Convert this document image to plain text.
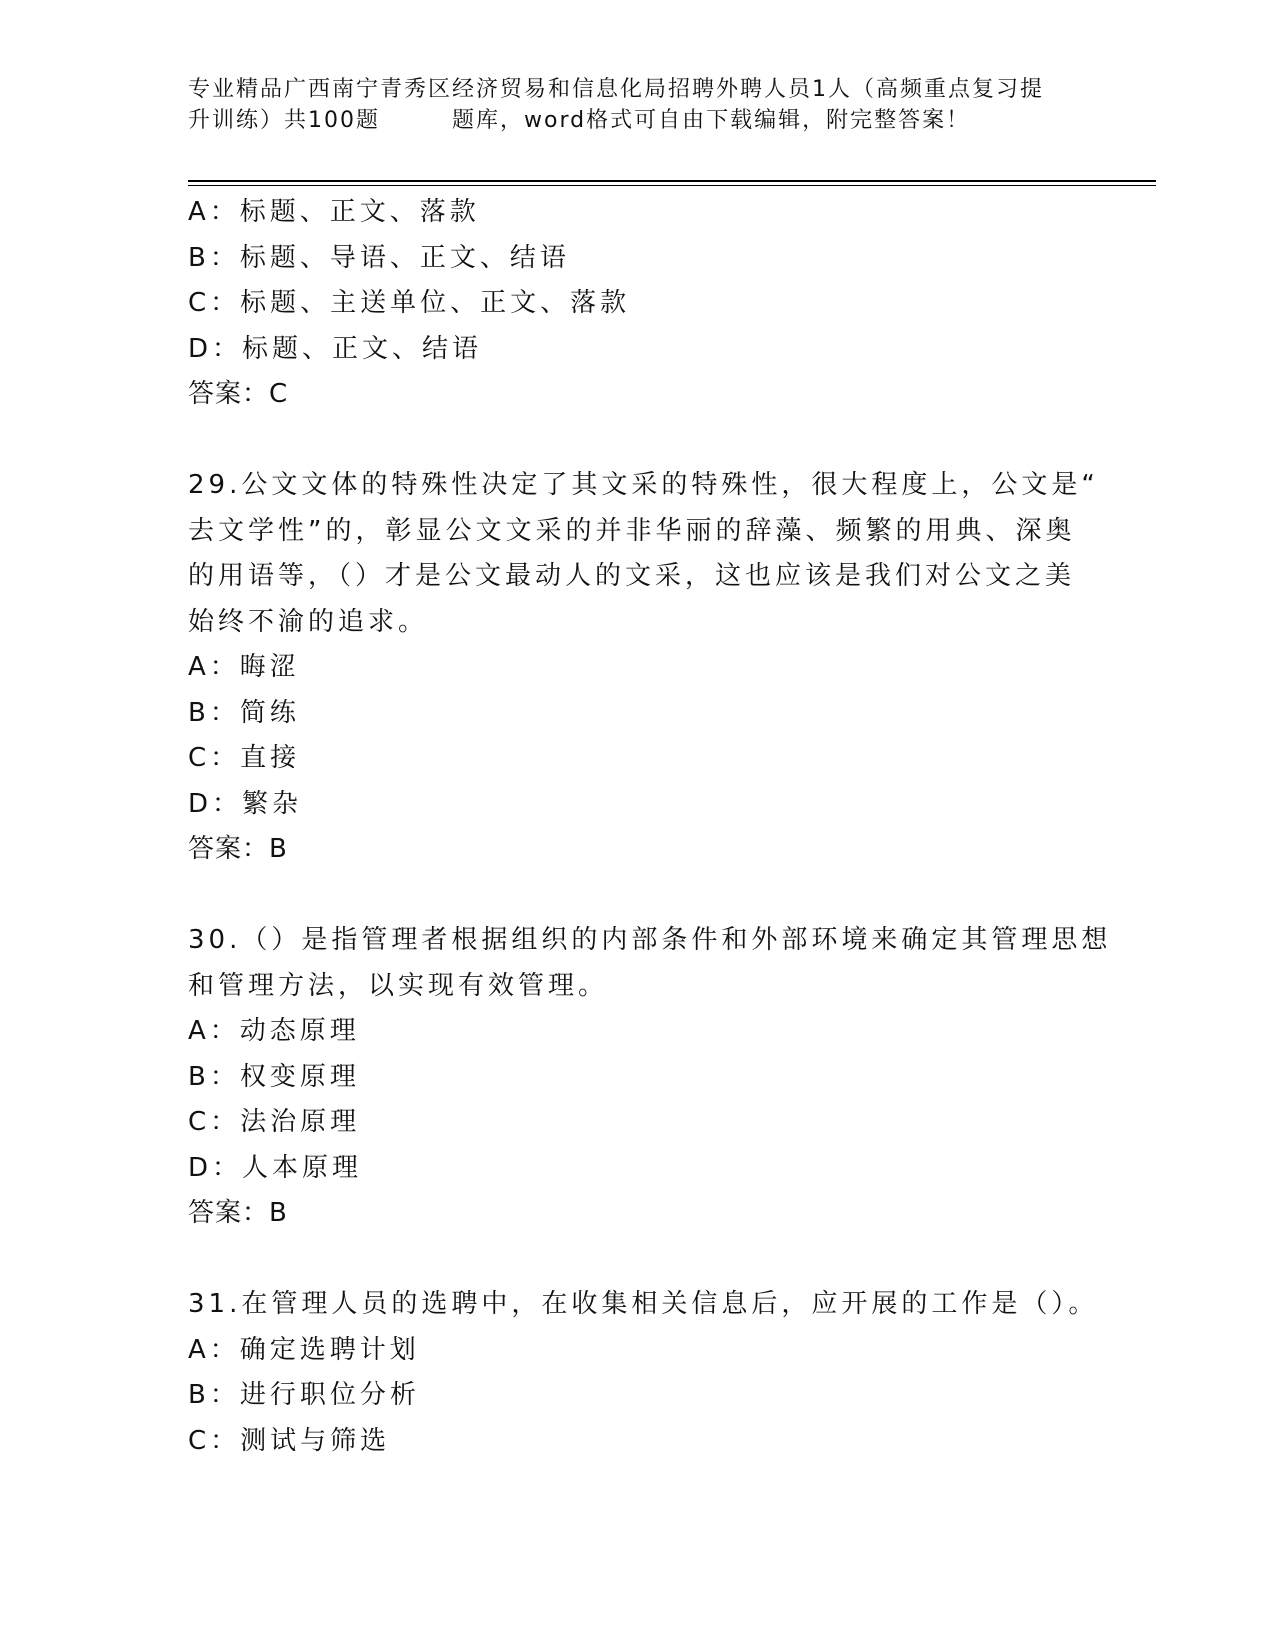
专业精品广西南宁青秀区经济贸易和信息化局招聘外聘人员1人（高频重点复习提
升训练）共100题	题库，word格式可自由下载编辑，附完整答案！

A：标题、正文、落款

B：标题、导语、正文、结语

C：标题、主送单位、正文、落款

D：标题、正文、结语

答案：C

29.公文文体的特殊性决定了其文采的特殊性，很大程度上，公文是“

去文学性”的，彰显公文文采的并非华丽的辞藻、频繁的用典、深奥

的用语等，（）才是公文最动人的文采，这也应该是我们对公文之美

始终不渝的追求。

A：晦涩

B：简练

C：直接

D：繁杂

答案：B

30.（）是指管理者根据组织的内部条件和外部环境来确定其管理思想

和管理方法，以实现有效管理。

A：动态原理

B：权变原理

C：法治原理

D：人本原理

答案：B

31.在管理人员的选聘中，在收集相关信息后，应开展的工作是（）。

A：确定选聘计划

B：进行职位分析

C：测试与筛选
